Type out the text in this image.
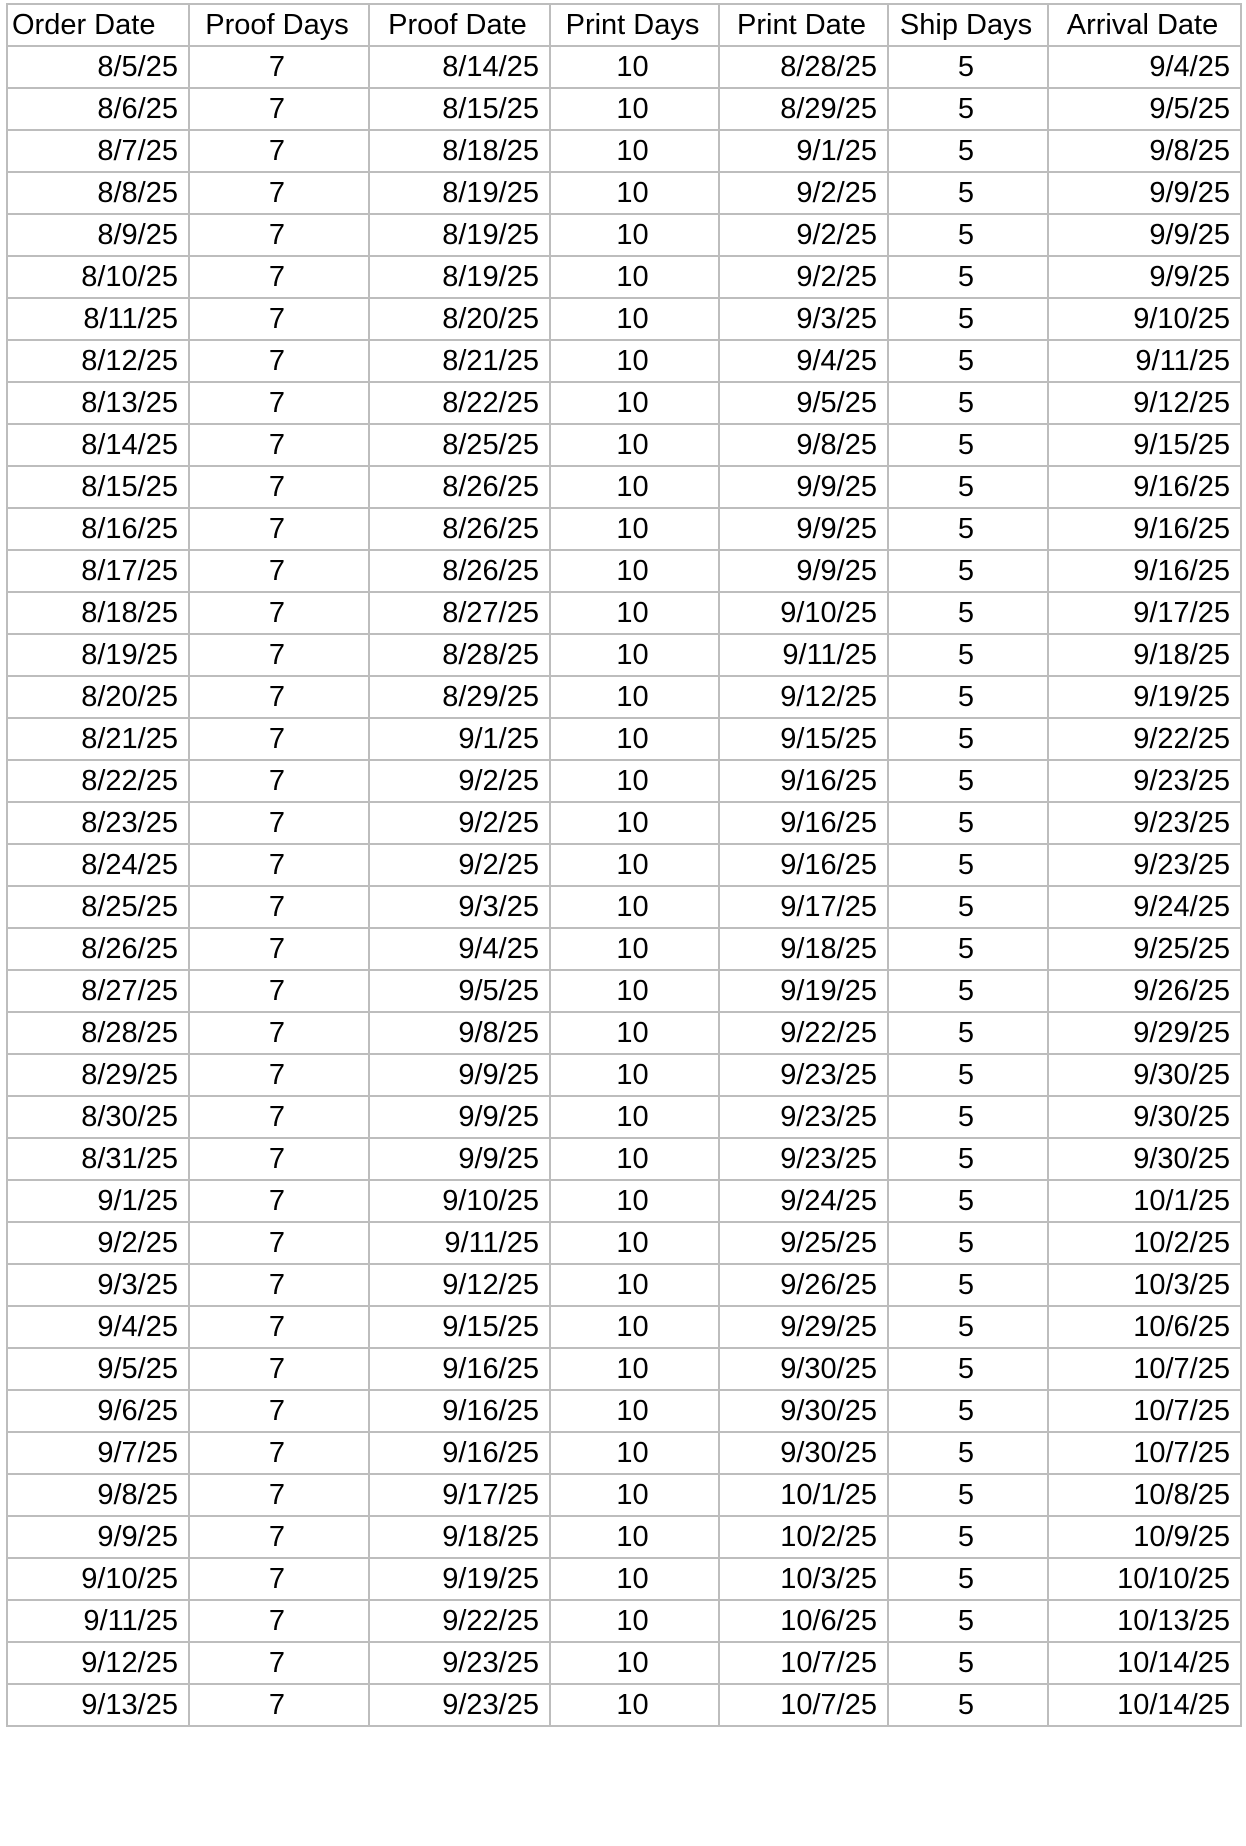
Order Date	Proof Days	Proof Date	Print Days	Print Date	Ship Days	Arrival Date
8/5/25	7	8/14/25	10	8/28/25	5	9/4/25
8/6/25	7	8/15/25	10	8/29/25	5	9/5/25
8/7/25	7	8/18/25	10	9/1/25	5	9/8/25
8/8/25	7	8/19/25	10	9/2/25	5	9/9/25
8/9/25	7	8/19/25	10	9/2/25	5	9/9/25
8/10/25	7	8/19/25	10	9/2/25	5	9/9/25
8/11/25	7	8/20/25	10	9/3/25	5	9/10/25
8/12/25	7	8/21/25	10	9/4/25	5	9/11/25
8/13/25	7	8/22/25	10	9/5/25	5	9/12/25
8/14/25	7	8/25/25	10	9/8/25	5	9/15/25
8/15/25	7	8/26/25	10	9/9/25	5	9/16/25
8/16/25	7	8/26/25	10	9/9/25	5	9/16/25
8/17/25	7	8/26/25	10	9/9/25	5	9/16/25
8/18/25	7	8/27/25	10	9/10/25	5	9/17/25
8/19/25	7	8/28/25	10	9/11/25	5	9/18/25
8/20/25	7	8/29/25	10	9/12/25	5	9/19/25
8/21/25	7	9/1/25	10	9/15/25	5	9/22/25
8/22/25	7	9/2/25	10	9/16/25	5	9/23/25
8/23/25	7	9/2/25	10	9/16/25	5	9/23/25
8/24/25	7	9/2/25	10	9/16/25	5	9/23/25
8/25/25	7	9/3/25	10	9/17/25	5	9/24/25
8/26/25	7	9/4/25	10	9/18/25	5	9/25/25
8/27/25	7	9/5/25	10	9/19/25	5	9/26/25
8/28/25	7	9/8/25	10	9/22/25	5	9/29/25
8/29/25	7	9/9/25	10	9/23/25	5	9/30/25
8/30/25	7	9/9/25	10	9/23/25	5	9/30/25
8/31/25	7	9/9/25	10	9/23/25	5	9/30/25
9/1/25	7	9/10/25	10	9/24/25	5	10/1/25
9/2/25	7	9/11/25	10	9/25/25	5	10/2/25
9/3/25	7	9/12/25	10	9/26/25	5	10/3/25
9/4/25	7	9/15/25	10	9/29/25	5	10/6/25
9/5/25	7	9/16/25	10	9/30/25	5	10/7/25
9/6/25	7	9/16/25	10	9/30/25	5	10/7/25
9/7/25	7	9/16/25	10	9/30/25	5	10/7/25
9/8/25	7	9/17/25	10	10/1/25	5	10/8/25
9/9/25	7	9/18/25	10	10/2/25	5	10/9/25
9/10/25	7	9/19/25	10	10/3/25	5	10/10/25
9/11/25	7	9/22/25	10	10/6/25	5	10/13/25
9/12/25	7	9/23/25	10	10/7/25	5	10/14/25
9/13/25	7	9/23/25	10	10/7/25	5	10/14/25
